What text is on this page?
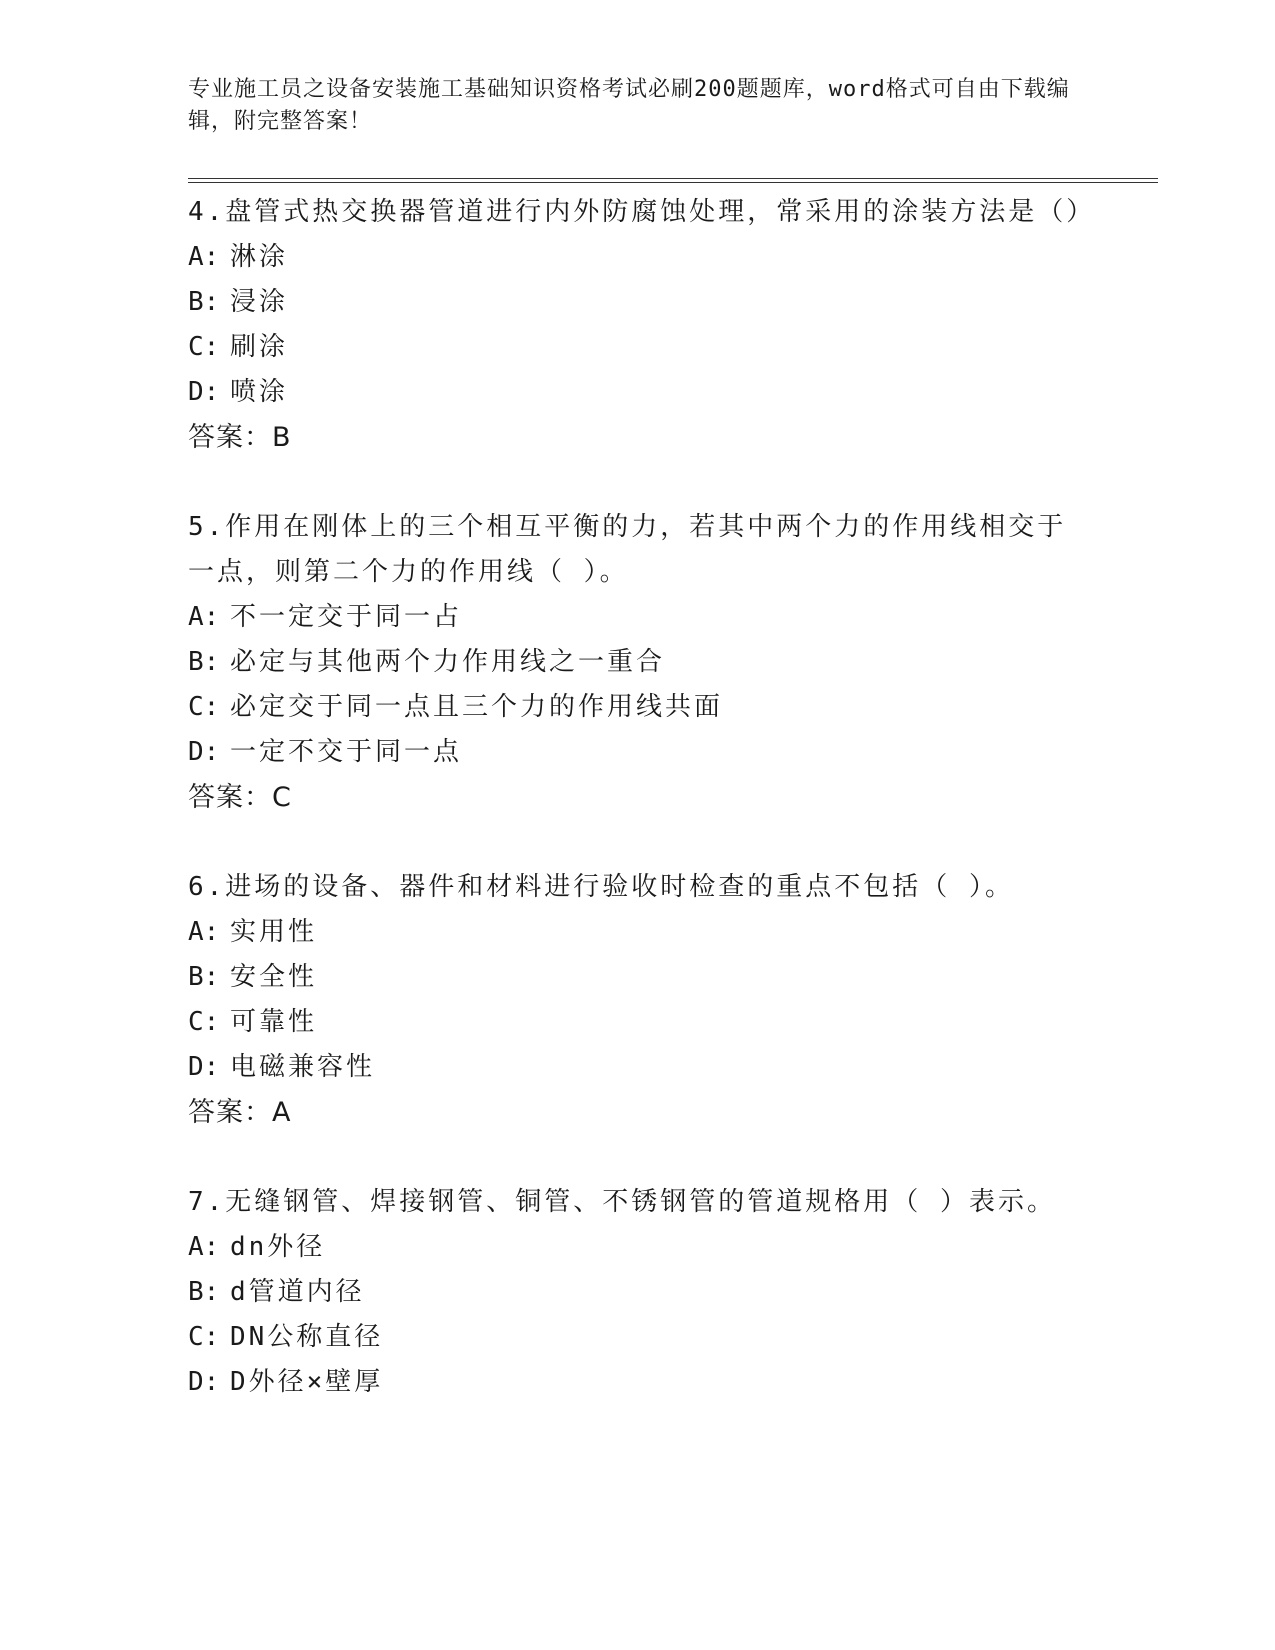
专业施工员之设备安装施工基础知识资格考试必刷200题题库，word格式可自由下载编辑，附完整答案！
4.盘管式热交换器管道进行内外防腐蚀处理，常采用的涂装方法是（）
A: 淋涂
B: 浸涂
C: 刷涂
D: 喷涂
答案：B
5.作用在刚体上的三个相互平衡的力，若其中两个力的作用线相交于一点，则第二个力的作用线（ ）。
A: 不一定交于同一占
B: 必定与其他两个力作用线之一重合
C: 必定交于同一点且三个力的作用线共面
D: 一定不交于同一点
答案：C
6.进场的设备、器件和材料进行验收时检查的重点不包括（ ）。
A: 实用性
B: 安全性
C: 可靠性
D: 电磁兼容性
答案：A
7.无缝钢管、焊接钢管、铜管、不锈钢管的管道规格用（ ）表示。
A: dn外径
B: d管道内径
C: DN公称直径
D: D外径×壁厚
